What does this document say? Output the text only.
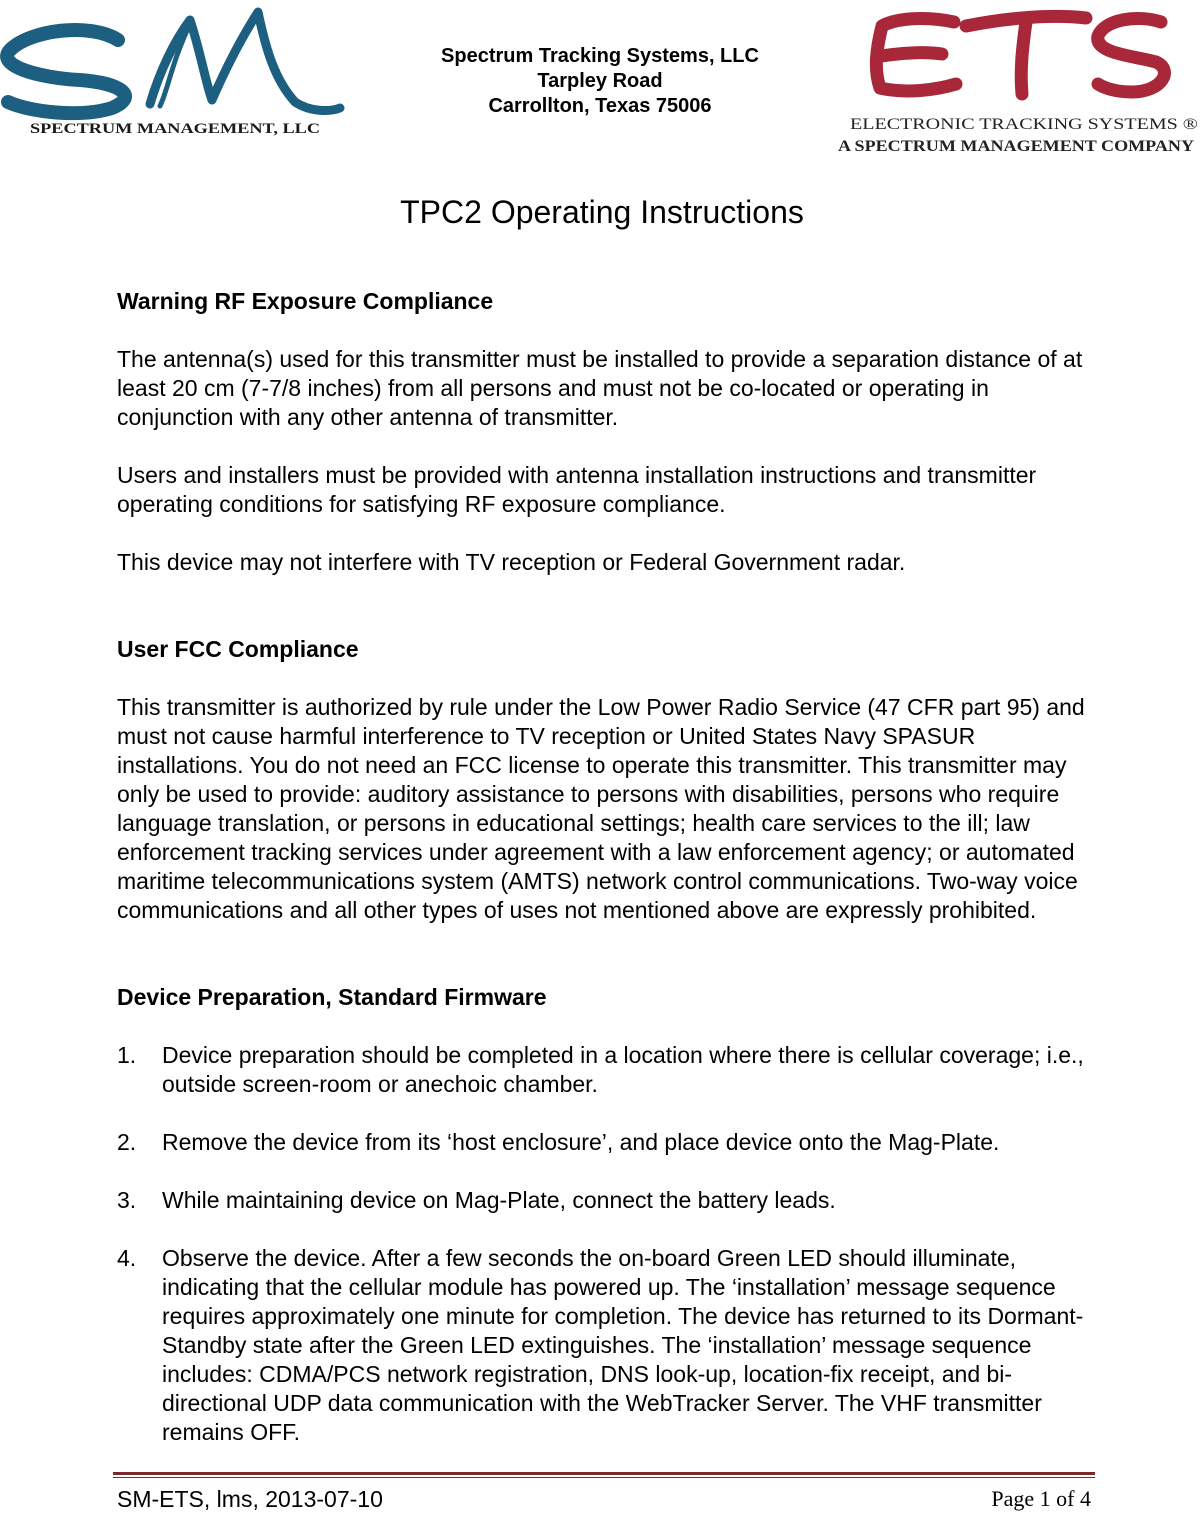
SPECTRUM MANAGEMENT, LLC
Spectrum Tracking Systems, LLC
Tarpley Road
Carrollton, Texas 75006
ELECTRONIC TRACKING SYSTEMS ®
A SPECTRUM MANAGEMENT COMPANY
TPC2 Operating Instructions
Warning RF Exposure Compliance

The antenna(s) used for this transmitter must be installed to provide a separation distance of at least 20 cm (7-7/8 inches) from all persons and must not be co-located or operating in conjunction with any other antenna of transmitter.

Users and installers must be provided with antenna installation instructions and transmitter operating conditions for satisfying RF exposure compliance.

This device may not interfere with TV reception or Federal Government radar.

User FCC Compliance

This transmitter is authorized by rule under the Low Power Radio Service (47 CFR part 95) and must not cause harmful interference to TV reception or United States Navy SPASUR installations. You do not need an FCC license to operate this transmitter. This transmitter may only be used to provide: auditory assistance to persons with disabilities, persons who require language translation, or persons in educational settings; health care services to the ill; law enforcement tracking services under agreement with a law enforcement agency; or automated maritime telecommunications system (AMTS) network control communications. Two-way voice communications and all other types of uses not mentioned above are expressly prohibited.

Device Preparation, Standard Firmware
1.	Device preparation should be completed in a location where there is cellular coverage; i.e., outside screen-room or anechoic chamber.
2.	Remove the device from its ‘host enclosure’, and place device onto the Mag-Plate.
3.	While maintaining device on Mag-Plate, connect the battery leads.
4.	Observe the device. After a few seconds the on-board Green LED should illuminate, indicating that the cellular module has powered up. The ‘installation’ message sequence requires approximately one minute for completion. The device has returned to its Dormant-Standby state after the Green LED extinguishes. The ‘installation’ message sequence includes: CDMA/PCS network registration, DNS look-up, location-fix receipt, and bi-directional UDP data communication with the WebTracker Server. The VHF transmitter remains OFF.
SM-ETS, lms, 2013-07-10	Page 1 of 4
